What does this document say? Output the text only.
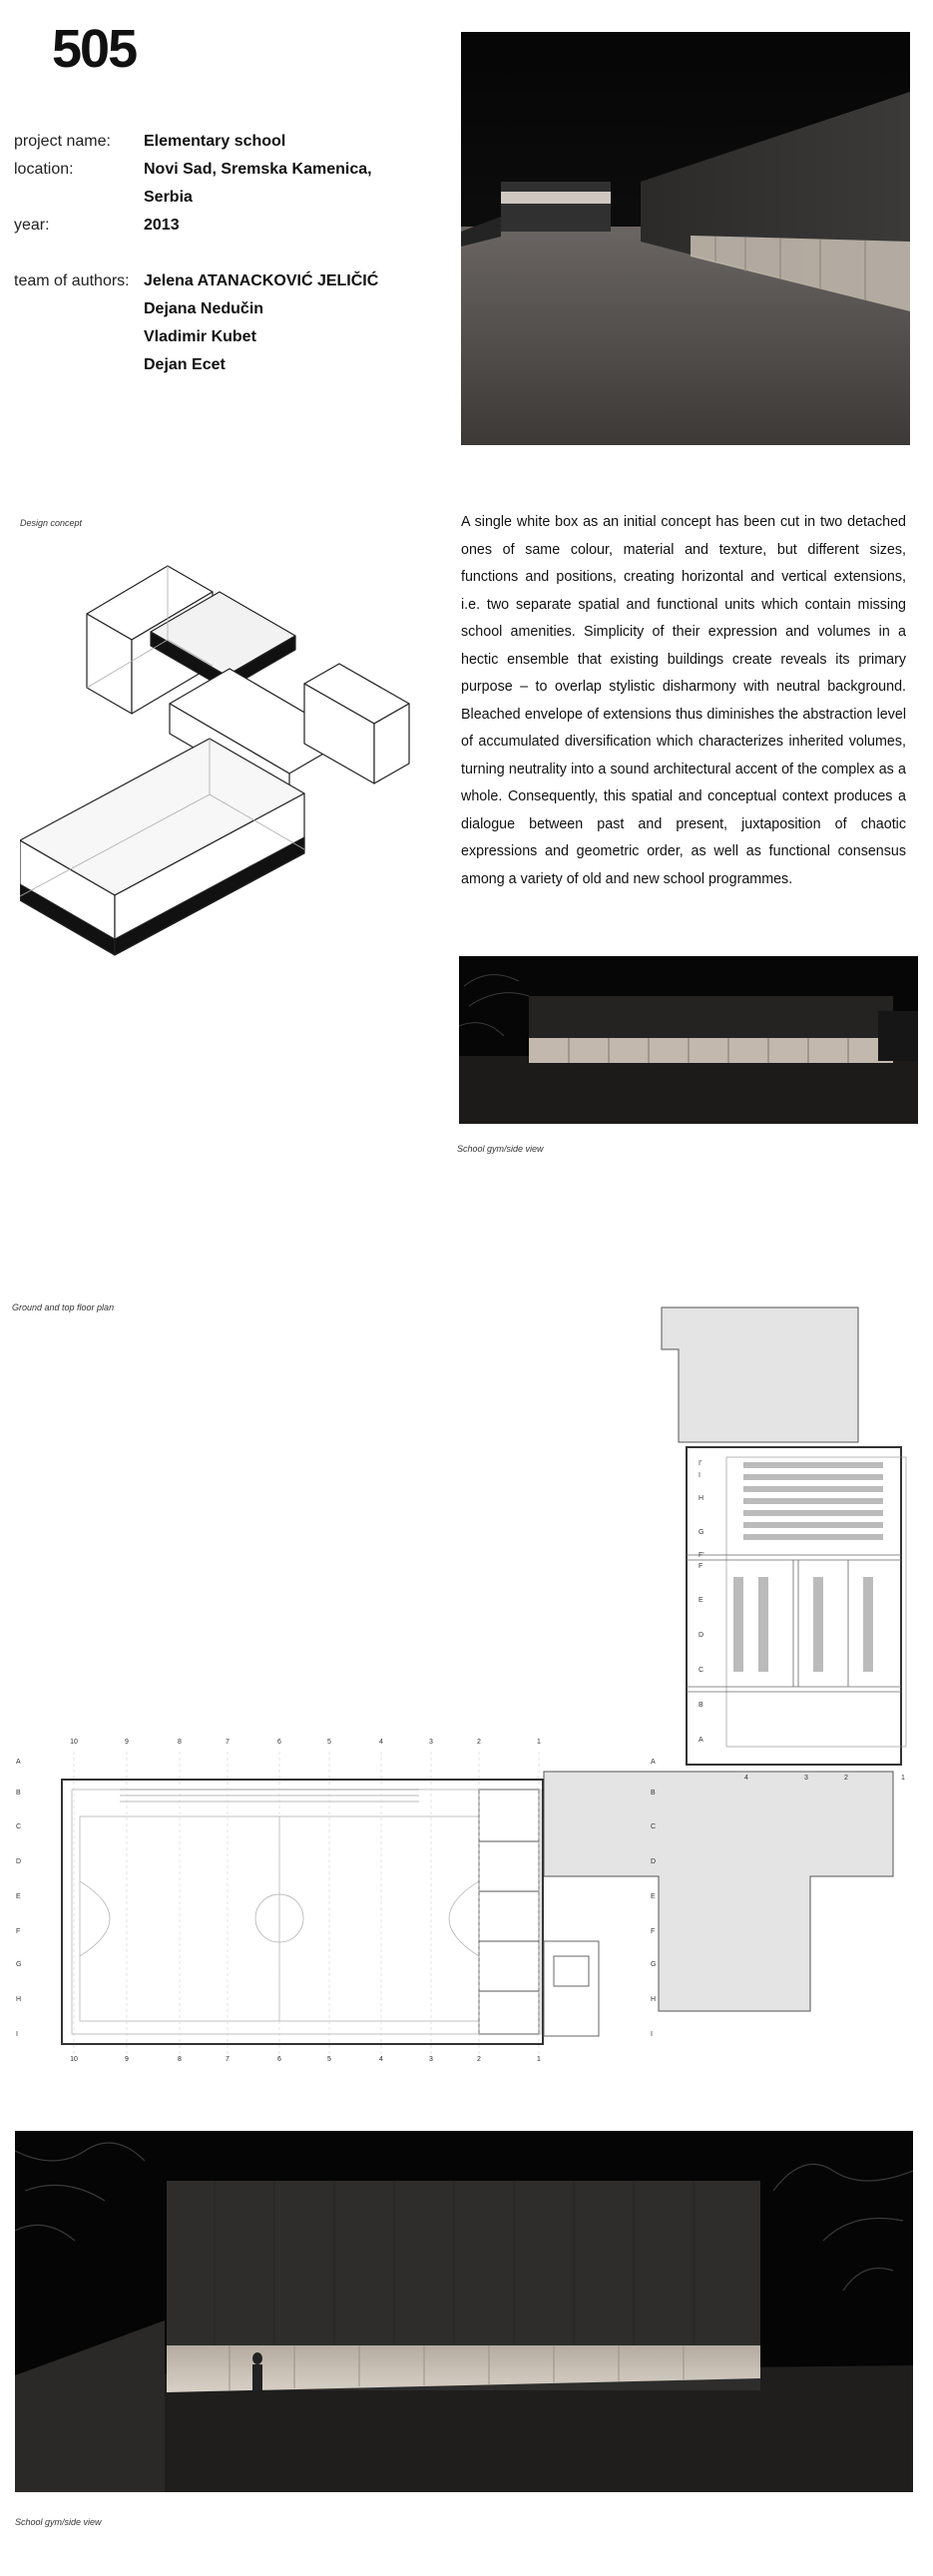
505
project name: Elementary school
location:	Novi Sad, Sremska Kamenica,
Serbia
year:	2013
team of authors: Jelena ATANACKOVIĆ JELIČIĆ
Dejana Nedučin
Vladimir Kubet
Dejan Ecet
Design concept	A single white box as an initial concept has been cut in two detached ones of same colour, material and texture, but different sizes, functions and positions, creating horizontal and vertical extensions, i.e. two separate spatial and functional units which contain missing school amenities. Simplicity of their expression and volumes in a hectic ensemble that existing buildings create reveals its primary purpose – to overlap stylistic disharmony with neutral background. Bleached envelope of extensions thus diminishes the abstraction level of accumulated diversification which characterizes inherited volumes, turning neutrality into a sound architectural accent of the complex as a whole. Consequently, this spatial and conceptual context produces a dialogue between past and present, juxtaposition of chaotic expressions and geometric order, as well as functional consensus among a variety of old and new school programmes.
School gym/side view
Ground and top floor plan
10	9	8	7	6	5	4	3	2	1
10	9	8	7	6	5	4	3	2	1
A
B
C
D
E
F
G
H
I
A
B
C
D
E
F
G
H
I
I'
I
H
G
F'
F
E
D
C
B
A
4	3	2	1
School gym/side view
